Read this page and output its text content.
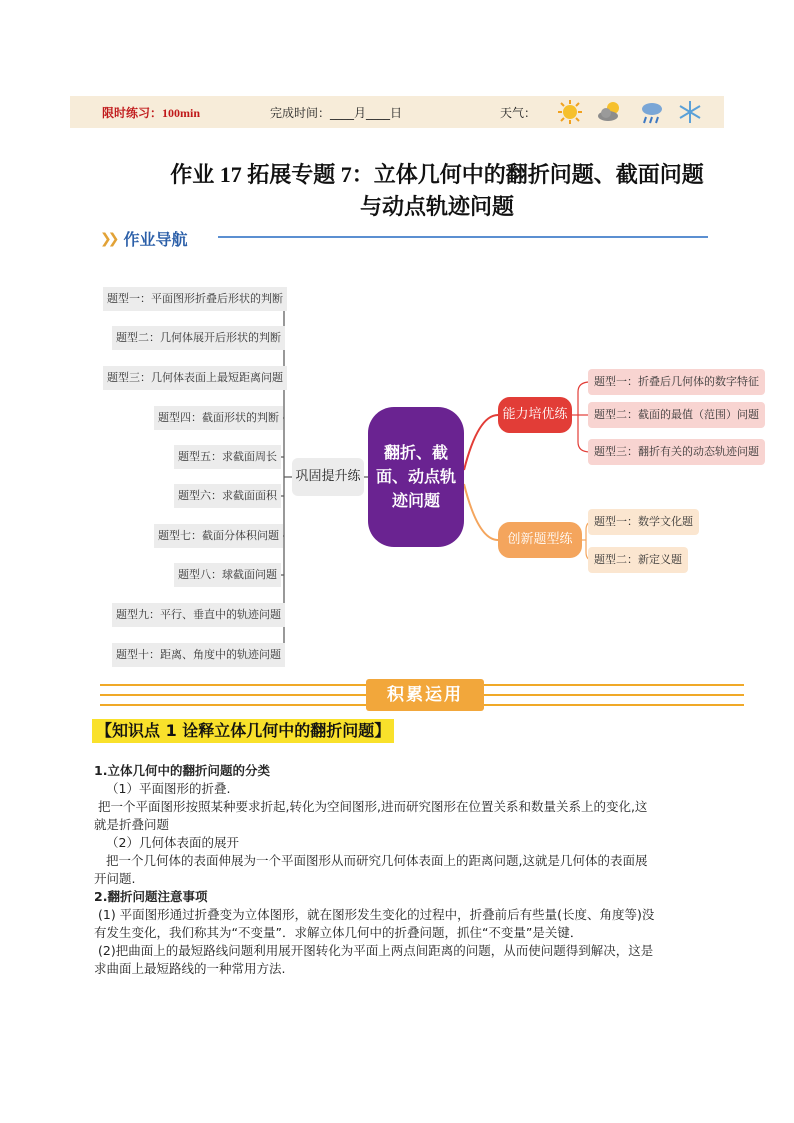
限时练习：100min	完成时间：____月____日	天气：
作业 17 拓展专题 7：立体几何中的翻折问题、截面问题
与动点轨迹问题
❯❯ 作业导航
题型一：平面图形折叠后形状的判断
题型二：几何体展开后形状的判断
题型三：几何体表面上最短距离问题
题型四：截面形状的判断
题型五：求截面周长
题型六：求截面面积
题型七：截面分体积问题
题型八：球截面问题
题型九：平行、垂直中的轨迹问题
题型十：距离、角度中的轨迹问题
巩固提升练
翻折、截面、动点轨迹问题
能力培优练
创新题型练
题型一：折叠后几何体的数字特征
题型二：截面的最值（范围）问题
题型三：翻折有关的动态轨迹问题
题型一：数学文化题
题型二：新定义题
积累运用
【知识点 1 诠释立体几何中的翻折问题】

1.立体几何中的翻折问题的分类

（1）平面图形的折叠.

把一个平面图形按照某种要求折起,转化为空间图形,进而研究图形在位置关系和数量关系上的变化,这

就是折叠问题

（2）几何体表面的展开

把一个几何体的表面伸展为一个平面图形从而研究几何体表面上的距离问题,这就是几何体的表面展

开问题.

2.翻折问题注意事项

(1) 平面图形通过折叠变为立体图形，就在图形发生变化的过程中，折叠前后有些量(长度、角度等)没

有发生变化，我们称其为“不变量”．求解立体几何中的折叠问题，抓住“不变量”是关键．

(2)把曲面上的最短路线问题利用展开图转化为平面上两点间距离的问题，从而使问题得到解决，这是

求曲面上最短路线的一种常用方法.
